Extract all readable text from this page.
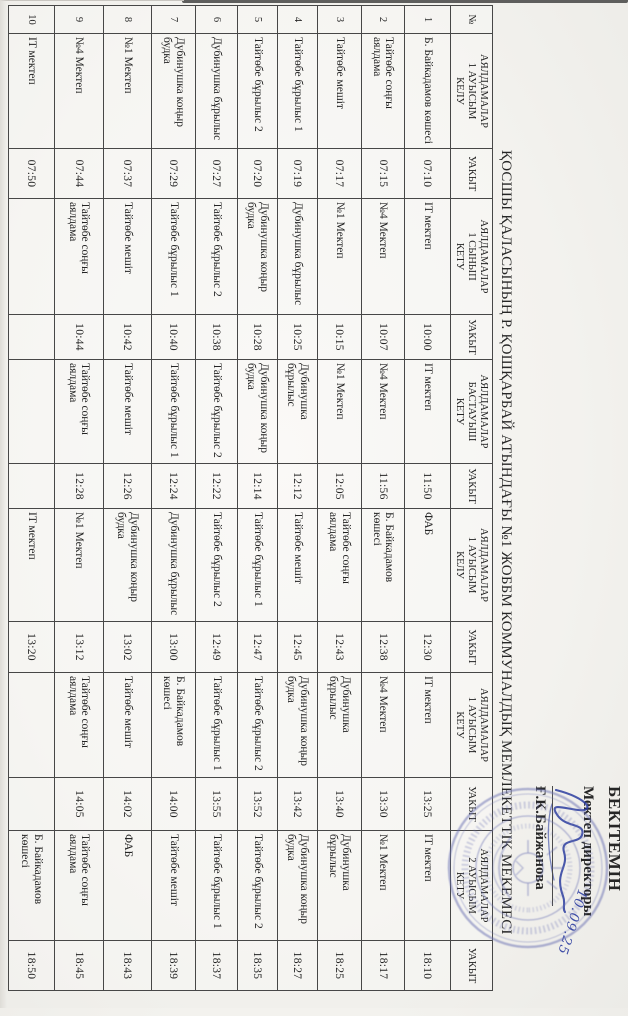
ҚОСШЫ ҚАЛАСЫНЫҢ Р. ҚОШҚАРБАЙ АТЫНДАҒЫ №1 ЖОББМ КОММУНАЛДЫҚ МЕМЛЕКЕТТІК МЕКЕМЕСІ
№	АЯЛДАМАЛАР
1 АУЫСЫМ
КЕЛУ	УАКЫТ	АЯЛДАМАЛАР
1 СЫНЫП
КЕТУ	УАКЫТ	АЯЛДАМАЛАР
БАСТАУЫШ
КЕТУ	УАКЫТ	АЯЛДАМАЛАР
1 АУЫСЫМ
КЕЛУ	УАКЫТ	АЯЛДАМАЛАР
1 АУЫСЫМ
КЕТУ	УАКЫТ	АЯЛДАМАЛАР
2 АУЫСЫМ
КЕТУ	УАКЫТ
1	Б. Байкадамов көшесі	07:10	IT мектеп	10:00	IT мектеп	11:50	ФАБ	12:30	IT мектеп	13:25	IT мектеп	18:10
2	Тайтөбе соңғы аялдама	07:15	№4 Мектеп	10:07	№4 Мектеп	11:56	Б. Байкадамов көшесі	12:38	№4 Мектеп	13:30	№1 Мектеп	18:17
3	Тайтөбе мешіт	07:17	№1 Мектеп	10:15	№1 Мектеп	12:05	Тайтөбе соңғы аялдама	12:43	Дубинушка бұрылыс	13:40	Дубинушка бұрылыс	18:25
4	Тайтөбе бұрылыс 1	07:19	Дубинушка бұрылыс	10:25	Дубинушка бұрылыс	12:12	Тайтөбе мешіт	12:45	Дубинушка коңыр будка	13:42	Дубинушка коңыр будка	18:27
5	Тайтөбе бұрылыс 2	07:20	Дубинушка коңыр будка	10:28	Дубинушка коңыр будка	12:14	Тайтөбе бұрылыс 1	12:47	Тайтөбе бұрылыс 2	13:52	Тайтөбе бұрылыс 2	18:35
6	Дубинушка бұрылыс	07:27	Тайтөбе бұрылыс 2	10:38	Тайтөбе бұрылыс 2	12:22	Тайтөбе бұрылыс 2	12:49	Тайтөбе бұрылыс 1	13:55	Тайтөбе бұрылыс 1	18:37
7	Дубинушка коңыр будка	07:29	Тайтөбе бұрылыс 1	10:40	Тайтөбе бұрылыс 1	12:24	Дубинушка бұрылыс	13:00	Б. Байкадамов көшесі	14:00	Тайтөбе мешіт	18:39
8	№1 Мектеп	07:37	Тайтөбе мешіт	10:42	Тайтөбе мешіт	12:26	Дубинушка коңыр будка	13:02	Тайтөбе мешіт	14:02	ФАБ	18:43
9	№4 Мектеп	07:44	Тайтөбе соңғы аялдама	10:44	Тайтөбе соңғы аялдама	12:28	№1 Мектеп	13:12	Тайтөбе соңғы аялдама	14:05	Тайтөбе соңғы аялдама	18:45
10	IT мектеп	07:50					IT мектеп	13:20			Б. Байкадамов көшесі	18:50
БЕКІТЕМІН
Мектеп директоры
10.09.25
Ғ.К.Байжанова
